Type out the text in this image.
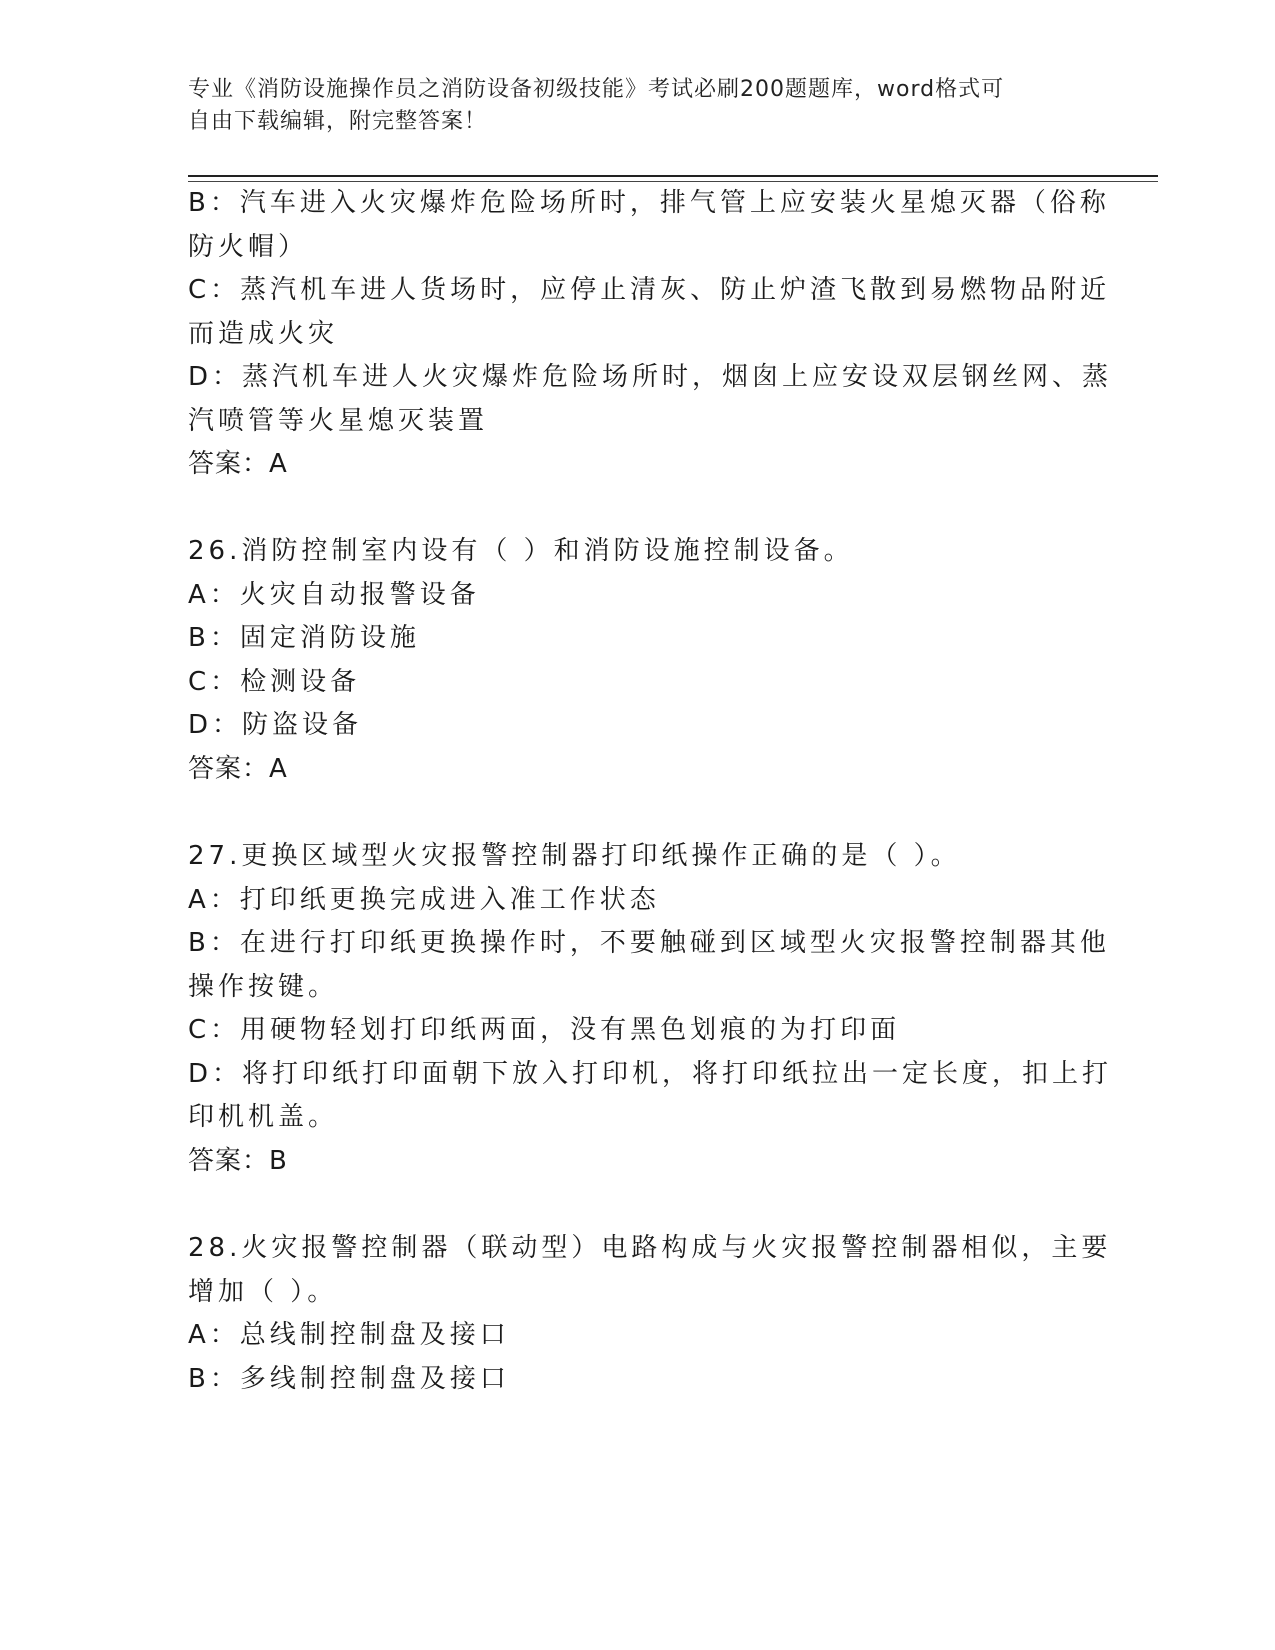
专业《消防设施操作员之消防设备初级技能》考试必刷200题题库，word格式可
自由下载编辑，附完整答案！
B：汽车进入火灾爆炸危险场所时，排气管上应安装火星熄灭器（俗称
防火帽）
C：蒸汽机车进人货场时，应停止清灰、防止炉渣飞散到易燃物品附近
而造成火灾
D：蒸汽机车进人火灾爆炸危险场所时，烟囱上应安设双层钢丝网、蒸
汽喷管等火星熄灭装置
答案：A
26.消防控制室内设有（ ）和消防设施控制设备。
A：火灾自动报警设备
B：固定消防设施
C：检测设备
D：防盗设备
答案：A
27.更换区域型火灾报警控制器打印纸操作正确的是（ ）。
A：打印纸更换完成进入准工作状态
B：在进行打印纸更换操作时，不要触碰到区域型火灾报警控制器其他
操作按键。
C：用硬物轻划打印纸两面，没有黑色划痕的为打印面
D：将打印纸打印面朝下放入打印机，将打印纸拉出一定长度，扣上打
印机机盖。
答案：B
28.火灾报警控制器（联动型）电路构成与火灾报警控制器相似，主要
增加（ ）。
A：总线制控制盘及接口
B：多线制控制盘及接口
